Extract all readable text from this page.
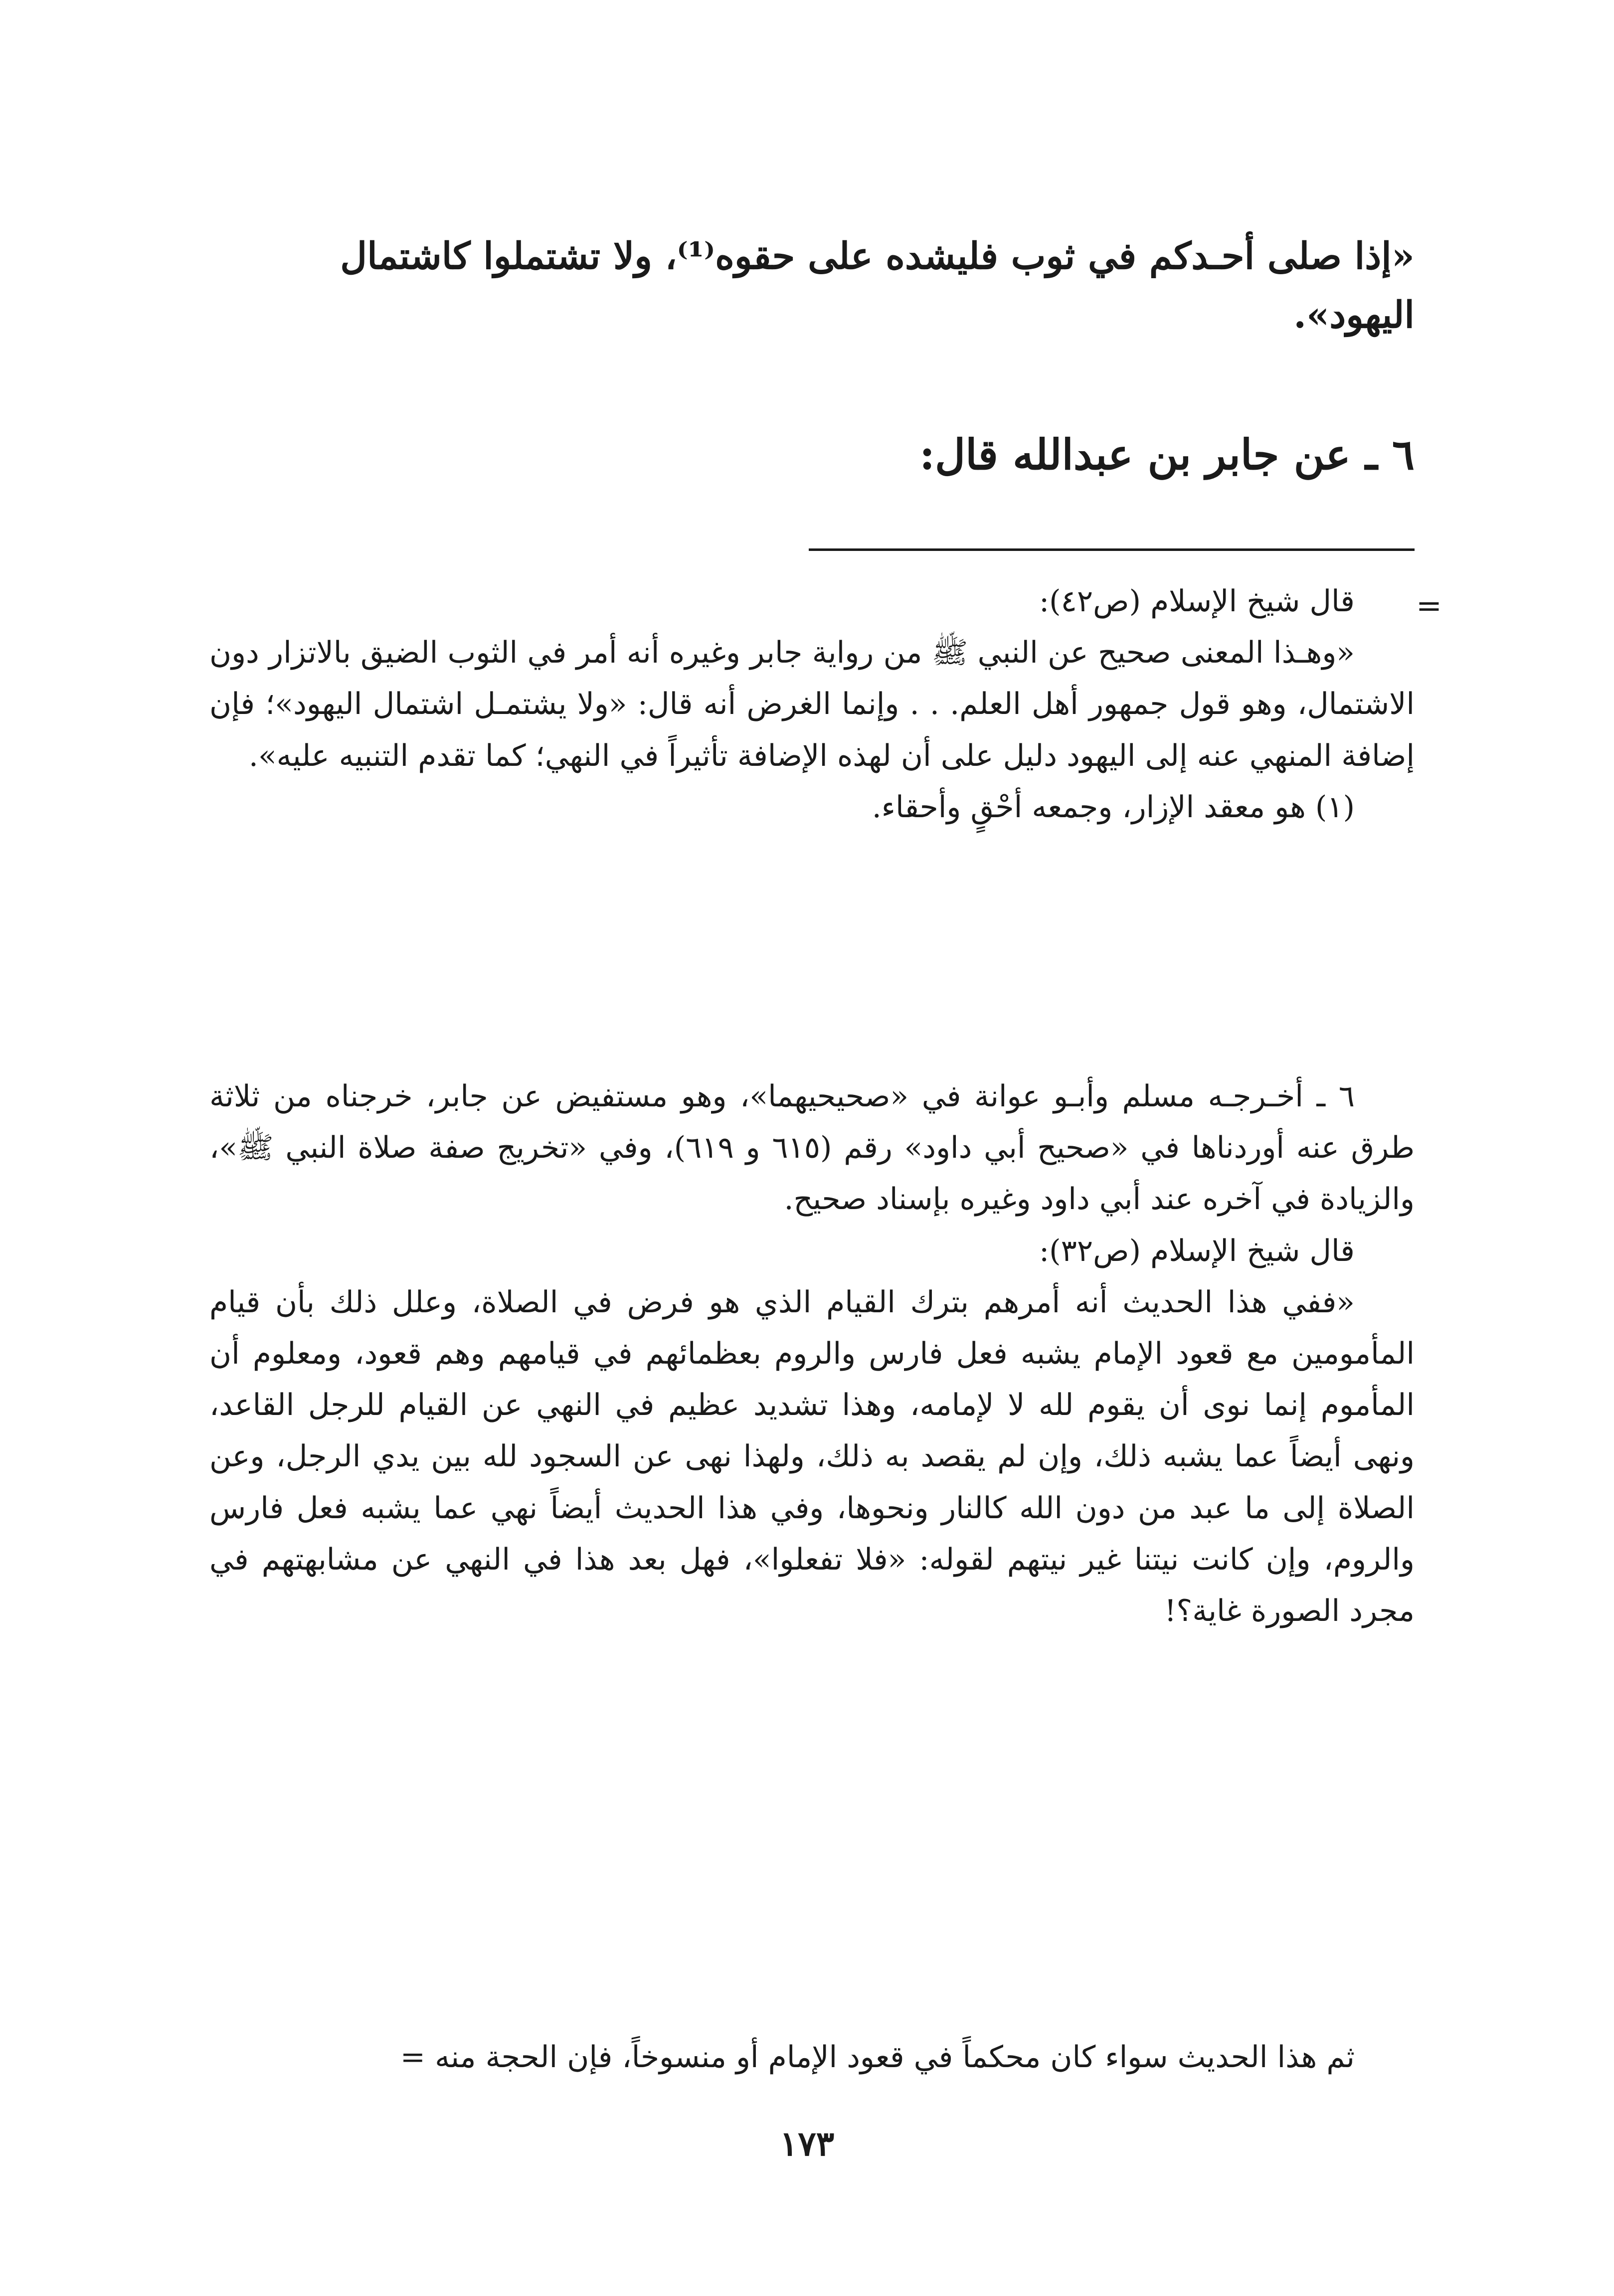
«إذا صلى أحـدكم في ثوب فليشده على حقوه⁽¹⁾، ولا تشتملوا كاشتمال

اليهود».

٦ ـ عن جابر بن عبدالله قال:
=

قال شيخ الإسلام (ص٤٢):

«وهـذا المعنى صحيح عن النبي ﷺ من رواية جابر وغيره أنه أمر في الثوب الضيق بالاتزار دون الاشتمال، وهو قول جمهور أهل العلم. . . وإنما الغرض أنه قال: «ولا يشتمـل اشتمال اليهود»؛ فإن إضافة المنهي عنه إلى اليهود دليل على أن لهذه الإضافة تأثيراً في النهي؛ كما تقدم التنبيه عليه».

(١) هو معقد الإزار، وجمعه أحْقٍ وأحقاء.

٦ ـ أخـرجـه مسلم وأبـو عوانة في «صحيحيهما»، وهو مستفيض عن جابر، خرجناه من ثلاثة طرق عنه أوردناها في «صحيح أبي داود» رقم (٦١٥ و ٦١٩)، وفي «تخريج صفة صلاة النبي ﷺ»، والزيادة في آخره عند أبي داود وغيره بإسناد صحيح.

قال شيخ الإسلام (ص٣٢):

«ففي هذا الحديث أنه أمرهم بترك القيام الذي هو فرض في الصلاة، وعلل ذلك بأن قيام المأمومين مع قعود الإمام يشبه فعل فارس والروم بعظمائهم في قيامهم وهم قعود، ومعلوم أن المأموم إنما نوى أن يقوم لله لا لإمامه، وهذا تشديد عظيم في النهي عن القيام للرجل القاعد، ونهى أيضاً عما يشبه ذلك، وإن لم يقصد به ذلك، ولهذا نهى عن السجود لله بين يدي الرجل، وعن الصلاة إلى ما عبد من دون الله كالنار ونحوها، وفي هذا الحديث أيضاً نهي عما يشبه فعل فارس والروم، وإن كانت نيتنا غير نيتهم لقوله: «فلا تفعلوا»، فهل بعد هذا في النهي عن مشابهتهم في مجرد الصورة غاية؟!

ثم هذا الحديث سواء كان محكماً في قعود الإمام أو منسوخاً، فإن الحجة منه =

١٧٣
